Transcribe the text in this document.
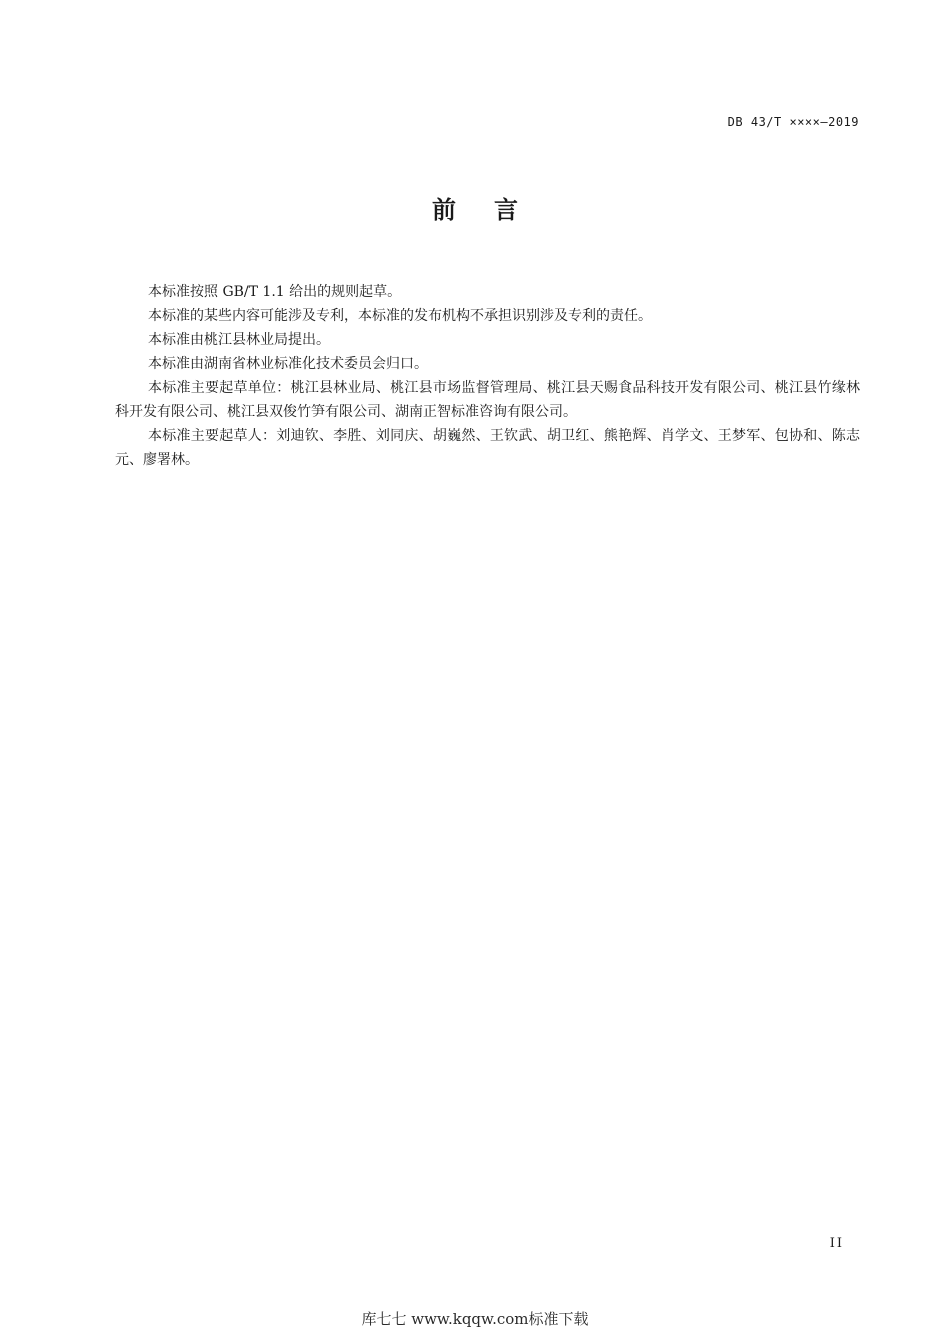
DB 43/T ××××—2019
前言

本标准按照 GB/T 1.1 给出的规则起草。

本标准的某些内容可能涉及专利，本标准的发布机构不承担识别涉及专利的责任。

本标准由桃江县林业局提出。

本标准由湖南省林业标准化技术委员会归口。

本标准主要起草单位：桃江县林业局、桃江县市场监督管理局、桃江县天赐食品科技开发有限公司、桃江县竹缘林科开发有限公司、桃江县双俊竹笋有限公司、湖南正智标准咨询有限公司。

本标准主要起草人：刘迪钦、李胜、刘同庆、胡巍然、王钦武、胡卫红、熊艳辉、肖学文、王梦军、包协和、陈志元、廖署林。

II
库七七 www.kqqw.com标准下载
